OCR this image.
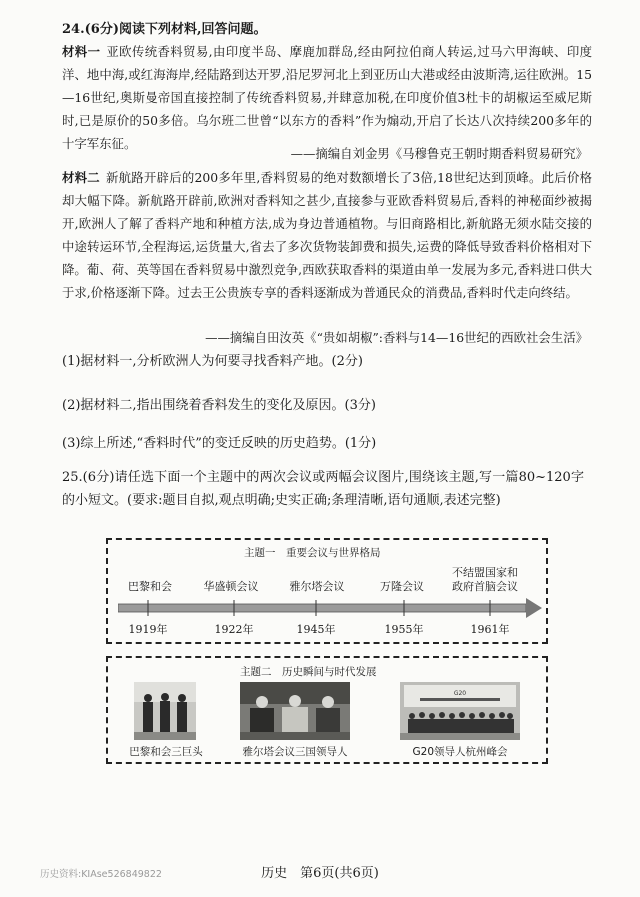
24.(6分)阅读下列材料,回答问题。

材料一 亚欧传统香料贸易,由印度半岛、摩鹿加群岛,经由阿拉伯商人转运,过马六甲海峡、印度洋、地中海,或红海海岸,经陆路到达开罗,沿尼罗河北上到亚历山大港或经由波斯湾,运往欧洲。15—16世纪,奥斯曼帝国直接控制了传统香料贸易,并肆意加税,在印度价值3杜卡的胡椒运至威尼斯时,已是原价的50多倍。乌尔班二世曾“以东方的香料”作为煽动,开启了长达八次持续200多年的十字军东征。

——摘编自刘金男《马穆鲁克王朝时期香料贸易研究》

材料二 新航路开辟后的200多年里,香料贸易的绝对数额增长了3倍,18世纪达到顶峰。此后价格却大幅下降。新航路开辟前,欧洲对香料知之甚少,直接参与亚欧香料贸易后,香料的神秘面纱被揭开,欧洲人了解了香料产地和种植方法,成为身边普通植物。与旧商路相比,新航路无须水陆交接的中途转运环节,全程海运,运货量大,省去了多次货物装卸费和损失,运费的降低导致香料价格相对下降。葡、荷、英等国在香料贸易中激烈竞争,西欧获取香料的渠道由单一发展为多元,香料进口供大于求,价格逐渐下降。过去王公贵族专享的香料逐渐成为普通民众的消费品,香料时代走向终结。

——摘编自田汝英《“贵如胡椒”:香料与14—16世纪的西欧社会生活》
(1)据材料一,分析欧洲人为何要寻找香料产地。(2分)
(2)据材料二,指出围绕着香料发生的变化及原因。(3分)
(3)综上所述,“香料时代”的变迁反映的历史趋势。(1分)
25.(6分)请任选下面一个主题中的两次会议或两幅会议图片,围绕该主题,写一篇80~120字的小短文。(要求:题目自拟,观点明确;史实正确;条理清晰,语句通顺,表述完整)
主题一　重要会议与世界格局
巴黎和会	华盛顿会议	雅尔塔会议	万隆会议
不结盟国家和
政府首脑会议
1919年	1922年	1945年	1955年	1961年
主题二　历史瞬间与时代发展
G20
巴黎和会三巨头	雅尔塔会议三国领导人	G20领导人杭州峰会
历史资料:KIAse526849822	历史　第6页(共6页)
